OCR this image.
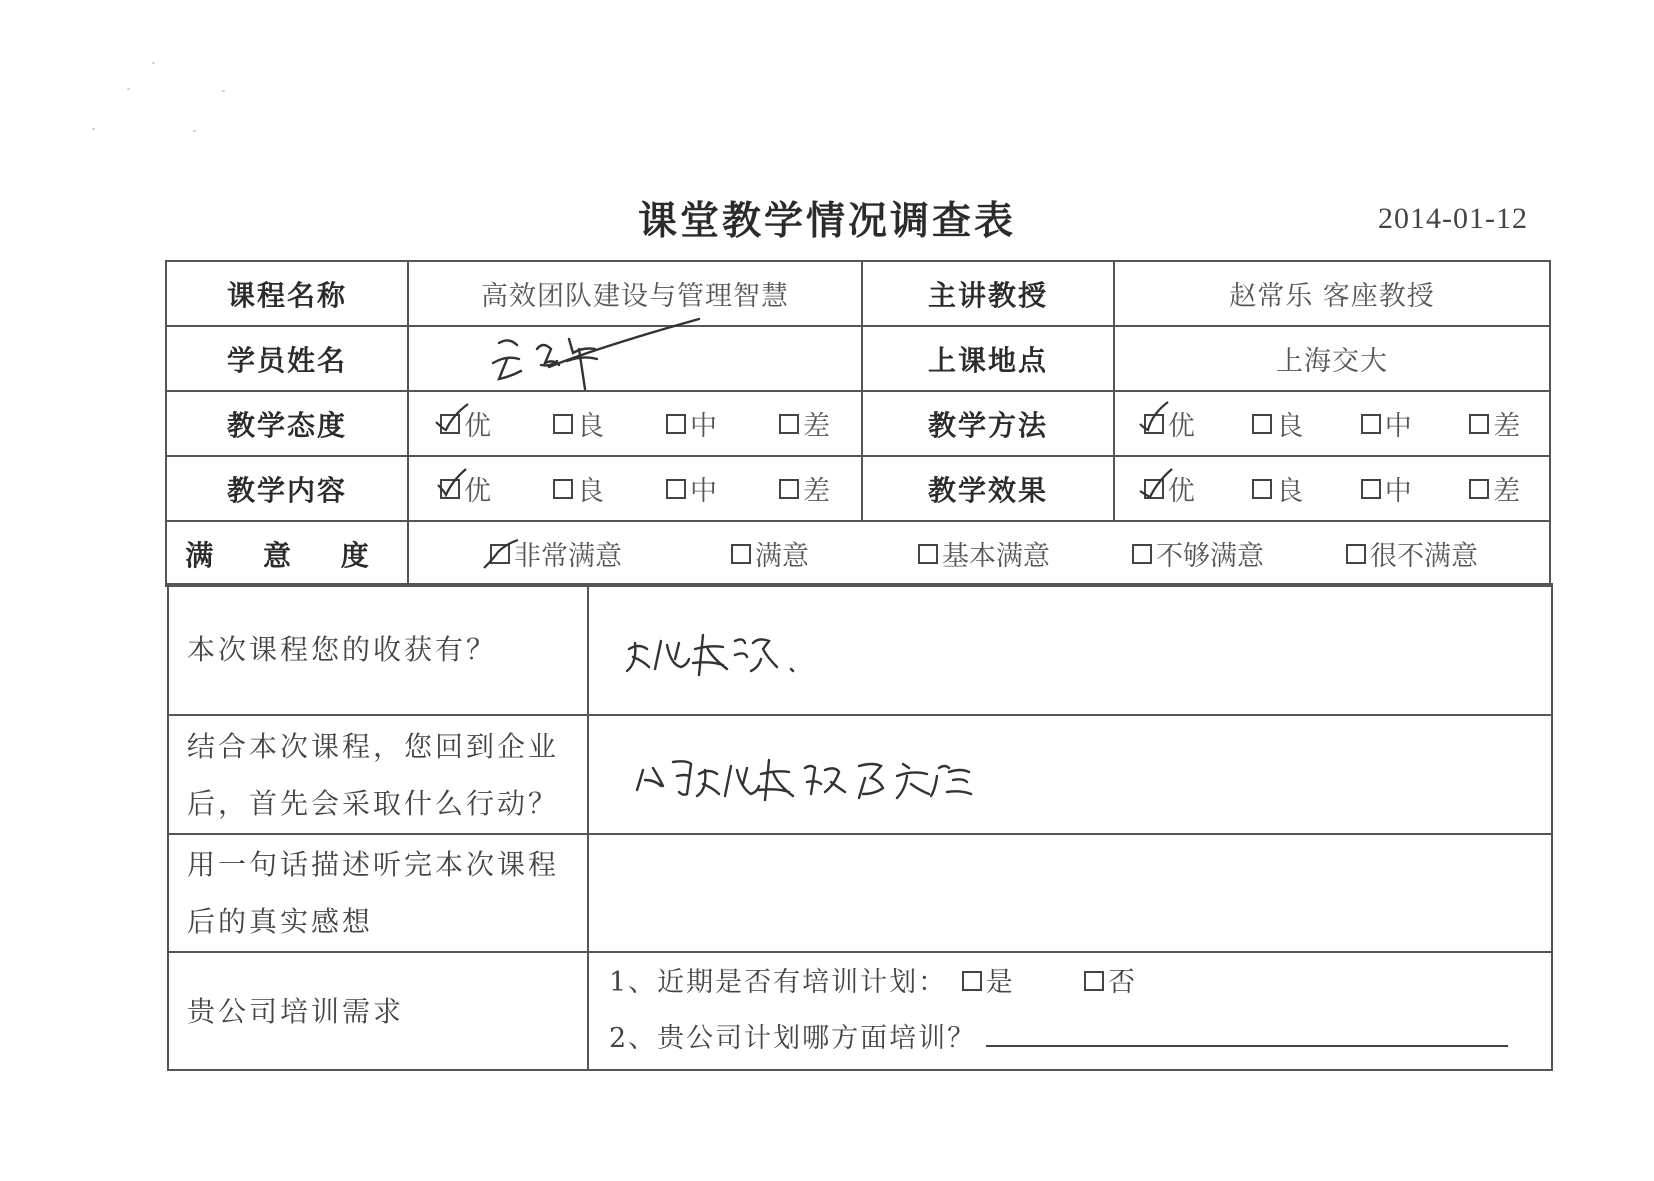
课堂教学情况调查表	2014-01-12
课程名称	高效团队建设与管理智慧	主讲教授	赵常乐 客座教授
学员姓名		上课地点	上海交大
教学态度	优 良 中 差	教学方法	优 良 中 差

教学内容	优 良 中 差	教学效果	优 良 中 差

满 意 度	非常满意 满意 基本满意 不够满意 很不满意		
本次课程您的收获有？	

结合本次课程，您回到企业
后，首先会采取什么行动？

用一句话描述听完本次课程
后的真实感想	

贵公司培训需求	1、近期是否有培训计划： 是 否
2、贵公司计划哪方面培训？
